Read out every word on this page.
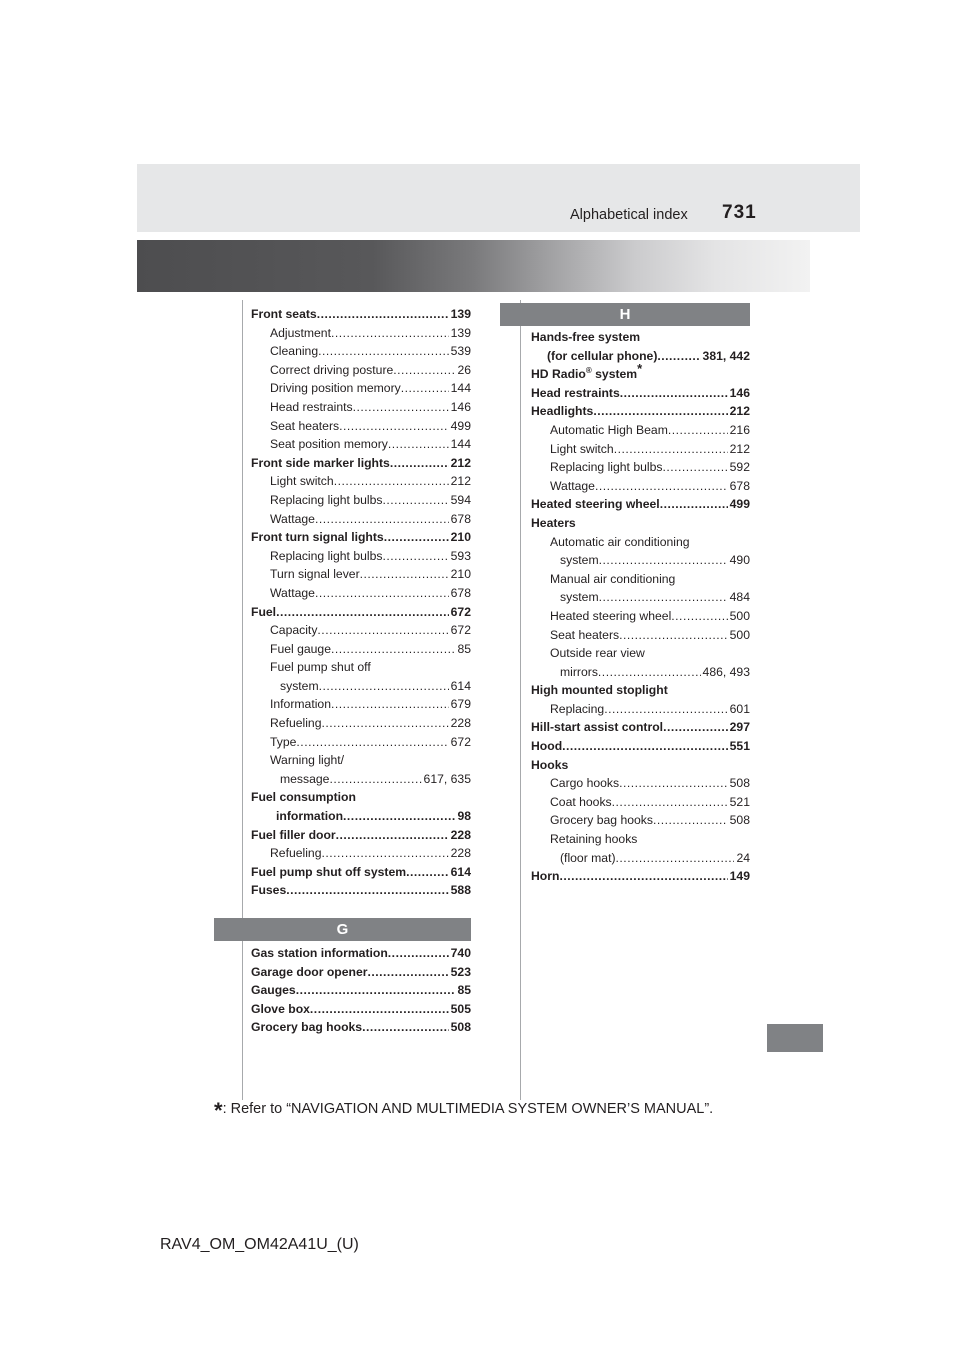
Alphabetical index 731
Front seats .....	139
Adjustment .....	139
Cleaning .....	539
Correct driving posture .....	26
Driving position memory .....	144
Head restraints .....	146
Seat heaters .....	499
Seat position memory .....	144
Front side marker lights .....	212
Light switch .....	212
Replacing light bulbs .....	594
Wattage .....	678
Front turn signal lights .....	210
Replacing light bulbs .....	593
Turn signal lever .....	210
Wattage .....	678
Fuel .....	672
Capacity .....	672
Fuel gauge .....	85
Fuel pump shut off
system .....	614
Information .....	679
Refueling .....	228
Type .....	672
Warning light/
message .....	617, 635
Fuel consumption
information .....	98
Fuel filler door .....	228
Refueling .....	228
Fuel pump shut off system .....	614
Fuses .....	588
G
Gas station information .....	740
Garage door opener .....	523
Gauges .....	85
Glove box .....	505
Grocery bag hooks .....	508
H
Hands-free system
(for cellular phone) .....	381, 442
HD Radio® system*
Head restraints .....	146
Headlights .....	212
Automatic High Beam .....	216
Light switch .....	212
Replacing light bulbs .....	592
Wattage .....	678
Heated steering wheel .....	499
Heaters
Automatic air conditioning
system .....	490
Manual air conditioning
system .....	484
Heated steering wheel .....	500
Seat heaters .....	500
Outside rear view
mirrors .....	486, 493
High mounted stoplight
Replacing .....	601
Hill-start assist control .....	297
Hood .....	551
Hooks
Cargo hooks .....	508
Coat hooks .....	521
Grocery bag hooks .....	508
Retaining hooks
(floor mat) .....	24
Horn .....	149
*: Refer to “NAVIGATION AND MULTIMEDIA SYSTEM OWNER’S MANUAL”.
RAV4_OM_OM42A41U_(U)
